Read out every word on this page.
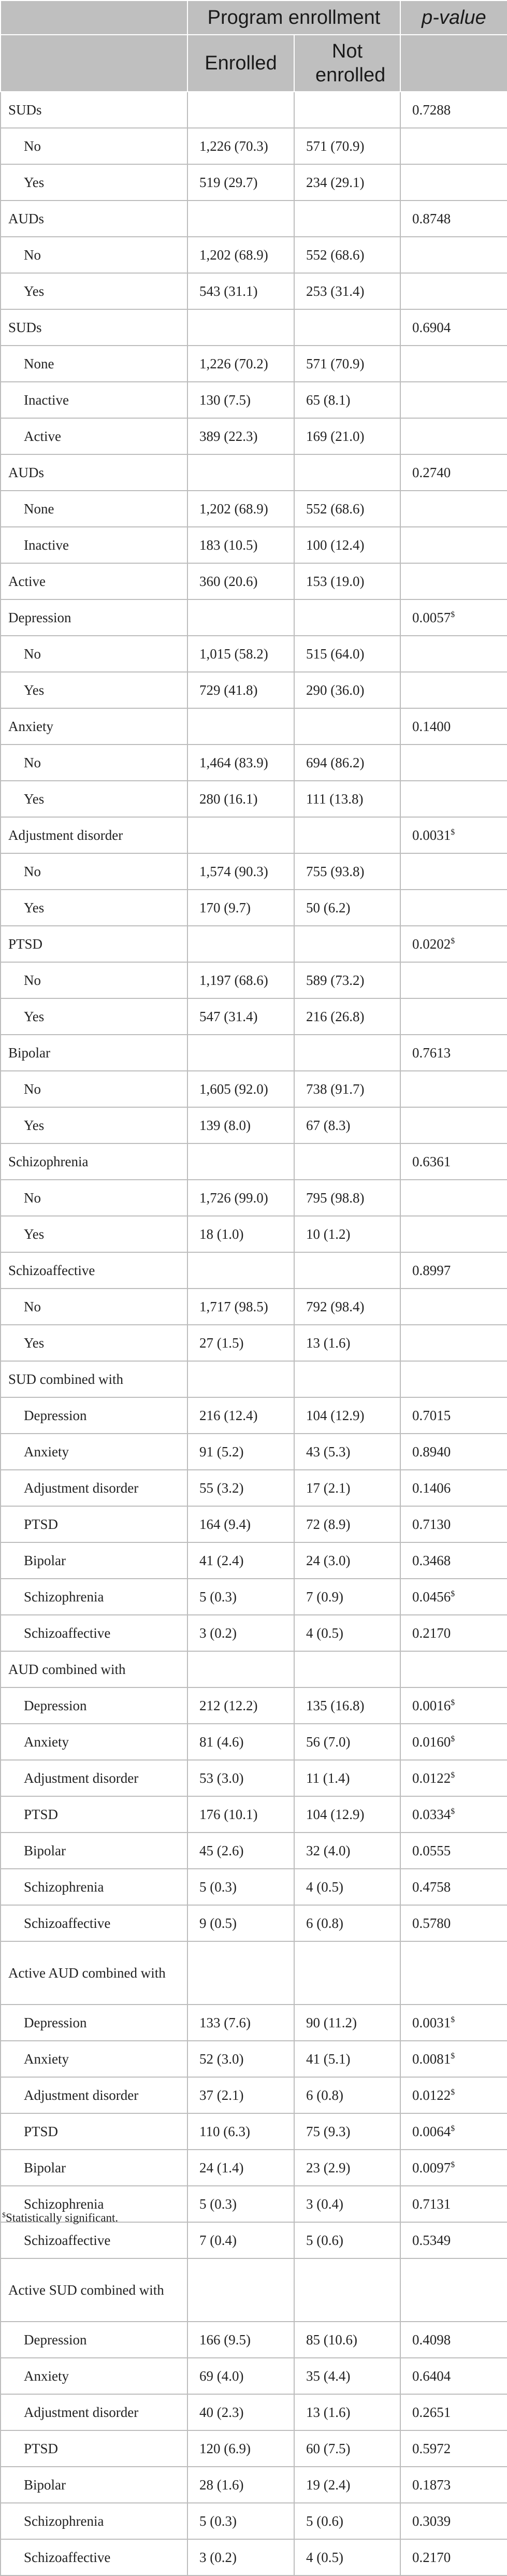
	Program enrollment		p-value
	Enrolled	Not enrolled	
SUDs			0.7288
No	1,226 (70.3)	571 (70.9)	
Yes	519 (29.7)	234 (29.1)	
AUDs			0.8748
No	1,202 (68.9)	552 (68.6)	
Yes	543 (31.1)	253 (31.4)	
SUDs			0.6904
None	1,226 (70.2)	571 (70.9)	
Inactive	130 (7.5)	65 (8.1)	
Active	389 (22.3)	169 (21.0)	
AUDs			0.2740
None	1,202 (68.9)	552 (68.6)	
Inactive	183 (10.5)	100 (12.4)	
Active	360 (20.6)	153 (19.0)	
Depression			0.0057$
No	1,015 (58.2)	515 (64.0)	
Yes	729 (41.8)	290 (36.0)	
Anxiety			0.1400
No	1,464 (83.9)	694 (86.2)	
Yes	280 (16.1)	111 (13.8)	
Adjustment disorder			0.0031$
No	1,574 (90.3)	755 (93.8)	
Yes	170 (9.7)	50 (6.2)	
PTSD			0.0202$
No	1,197 (68.6)	589 (73.2)	
Yes	547 (31.4)	216 (26.8)	
Bipolar			0.7613
No	1,605 (92.0)	738 (91.7)	
Yes	139 (8.0)	67 (8.3)	
Schizophrenia			0.6361
No	1,726 (99.0)	795 (98.8)	
Yes	18 (1.0)	10 (1.2)	
Schizoaffective			0.8997
No	1,717 (98.5)	792 (98.4)	
Yes	27 (1.5)	13 (1.6)	
SUD combined with			
Depression	216 (12.4)	104 (12.9)	0.7015
Anxiety	91 (5.2)	43 (5.3)	0.8940
Adjustment disorder	55 (3.2)	17 (2.1)	0.1406
PTSD	164 (9.4)	72 (8.9)	0.7130
Bipolar	41 (2.4)	24 (3.0)	0.3468
Schizophrenia	5 (0.3)	7 (0.9)	0.0456$
Schizoaffective	3 (0.2)	4 (0.5)	0.2170
AUD combined with			
Depression	212 (12.2)	135 (16.8)	0.0016$
Anxiety	81 (4.6)	56 (7.0)	0.0160$
Adjustment disorder	53 (3.0)	11 (1.4)	0.0122$
PTSD	176 (10.1)	104 (12.9)	0.0334$
Bipolar	45 (2.6)	32 (4.0)	0.0555
Schizophrenia	5 (0.3)	4 (0.5)	0.4758
Schizoaffective	9 (0.5)	6 (0.8)	0.5780
Active AUD combined with			
Depression	133 (7.6)	90 (11.2)	0.0031$
Anxiety	52 (3.0)	41 (5.1)	0.0081$
Adjustment disorder	37 (2.1)	6 (0.8)	0.0122$
PTSD	110 (6.3)	75 (9.3)	0.0064$
Bipolar	24 (1.4)	23 (2.9)	0.0097$
Schizophrenia	5 (0.3)	3 (0.4)	0.7131
Schizoaffective	7 (0.4)	5 (0.6)	0.5349
Active SUD combined with			
Depression	166 (9.5)	85 (10.6)	0.4098
Anxiety	69 (4.0)	35 (4.4)	0.6404
Adjustment disorder	40 (2.3)	13 (1.6)	0.2651
PTSD	120 (6.9)	60 (7.5)	0.5972
Bipolar	28 (1.6)	19 (2.4)	0.1873
Schizophrenia	5 (0.3)	5 (0.6)	0.3039
Schizoaffective	3 (0.2)	4 (0.5)	0.2170
$Statistically significant.
